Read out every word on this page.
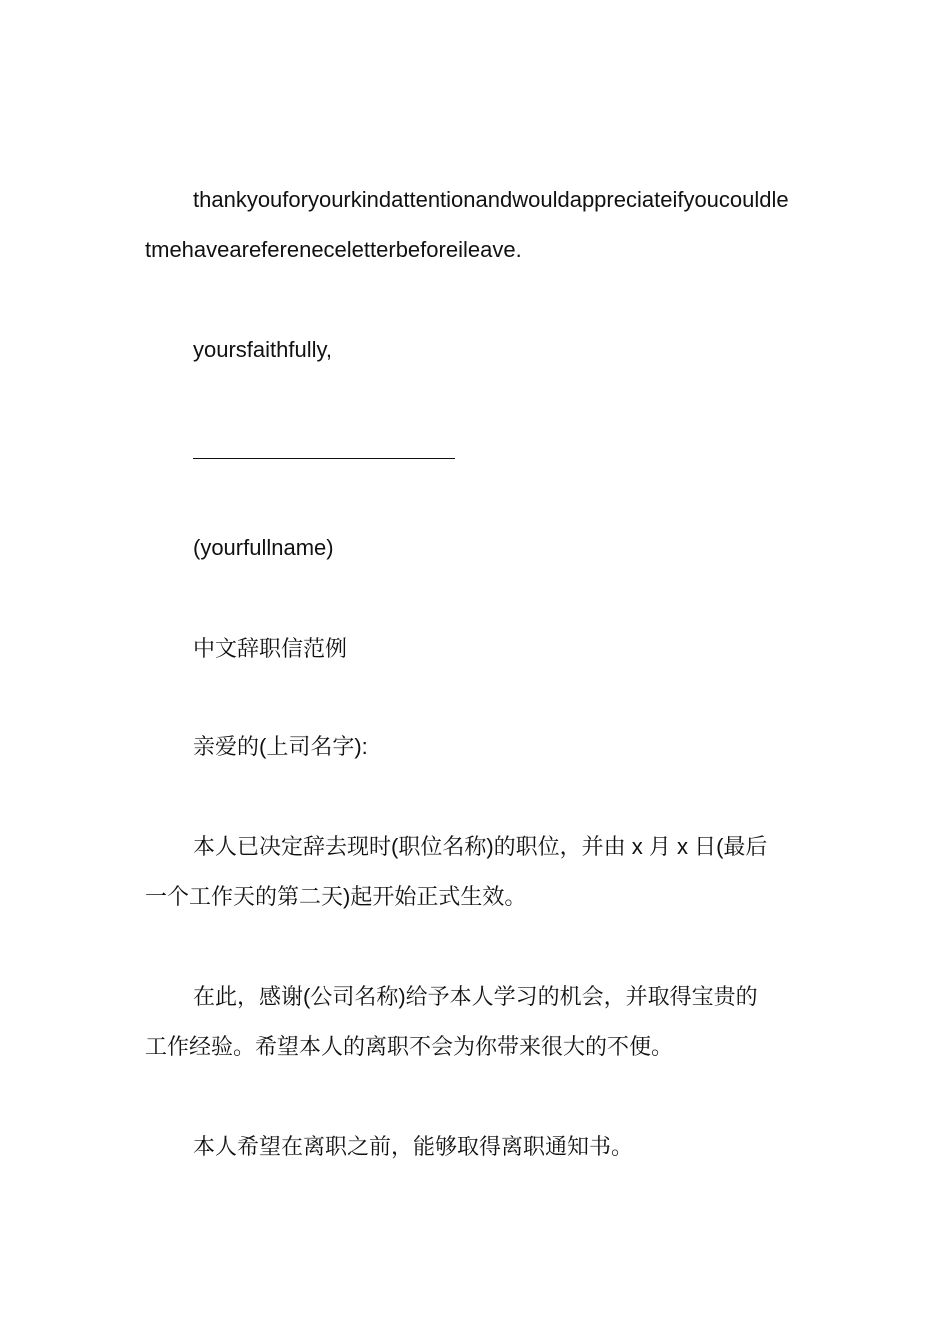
thankyouforyourkindattentionandwouldappreciateifyoucouldle
tmehavearefereneceletterbeforeileave.
yoursfaithfully,
(yourfullname)
中文辞职信范例
亲爱的(上司名字):
本人已决定辞去现时(职位名称)的职位，并由 x 月 x 日(最后
一个工作天的第二天)起开始正式生效。
在此，感谢(公司名称)给予本人学习的机会，并取得宝贵的
工作经验。希望本人的离职不会为你带来很大的不便。
本人希望在离职之前，能够取得离职通知书。
